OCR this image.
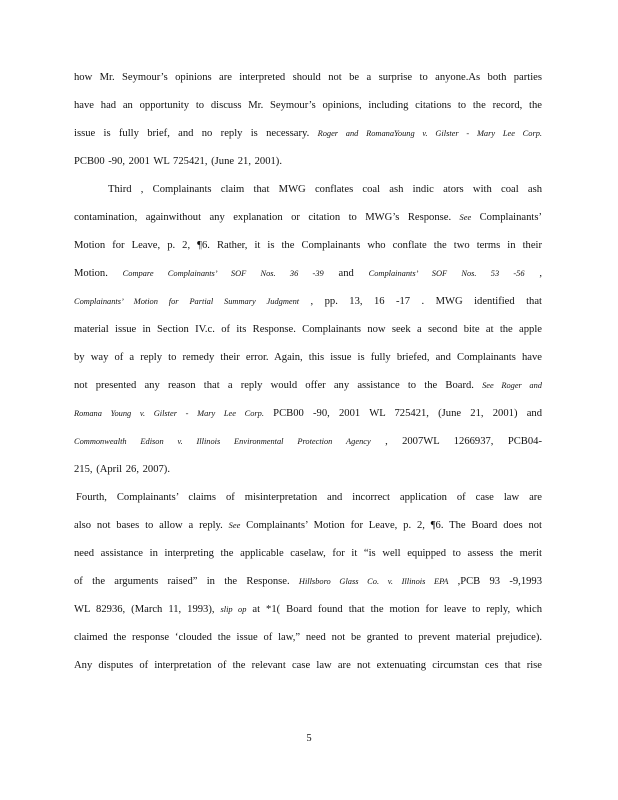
how Mr. Seymour’s opinions are interpreted should not be a surprise to anyone.As both parties
have had an opportunity to discuss Mr. Seymour’s opinions, including citations to the record, the
issue is fully brief, and no reply is necessary. Roger and RomanaYoung v. Gilster - Mary Lee Corp.
PCB00 -90, 2001 WL 725421, (June 21, 2001).
Third , Complainants claim that MWG conflates coal ash indic ators with coal ash
contamination, againwithout any explanation or citation to MWG’s Response. See Complainants’
Motion for Leave, p. 2, ¶6. Rather, it is the Complainants who conflate the two terms in their
Motion. Compare Complainants’ SOF Nos. 36 -39 and Complainants’ SOF Nos. 53 -56 ,
Complainants’ Motion for Partial Summary Judgment , pp. 13, 16 -17 . MWG identified that
material issue in Section IV.c. of its Response. Complainants now seek a second bite at the apple
by way of a reply to remedy their error. Again, this issue is fully briefed, and Complainants have
not presented any reason that a reply would offer any assistance to the Board. See Roger and
Romana Young v. Gilster - Mary Lee Corp. PCB00 -90, 2001 WL 725421, (June 21, 2001) and
Commonwealth Edison v. Illinois Environmental Protection Agency , 2007WL 1266937, PCB04-
215, (April 26, 2007).
Fourth, Complainants’ claims of misinterpretation and incorrect application of case law are
also not bases to allow a reply. See Complainants’ Motion for Leave, p. 2, ¶6. The Board does not
need assistance in interpreting the applicable caselaw, for it “is well equipped to assess the merit
of the arguments raised” in the Response. Hillsboro Glass Co. v. Illinois EPA ,PCB 93 -9,1993
WL 82936, (March 11, 1993), slip op at *1( Board found that the motion for leave to reply, which
claimed the response ‘clouded the issue of law,” need not be granted to prevent material prejudice).
Any disputes of interpretation of the relevant case law are not extenuating circumstan ces that rise
5
